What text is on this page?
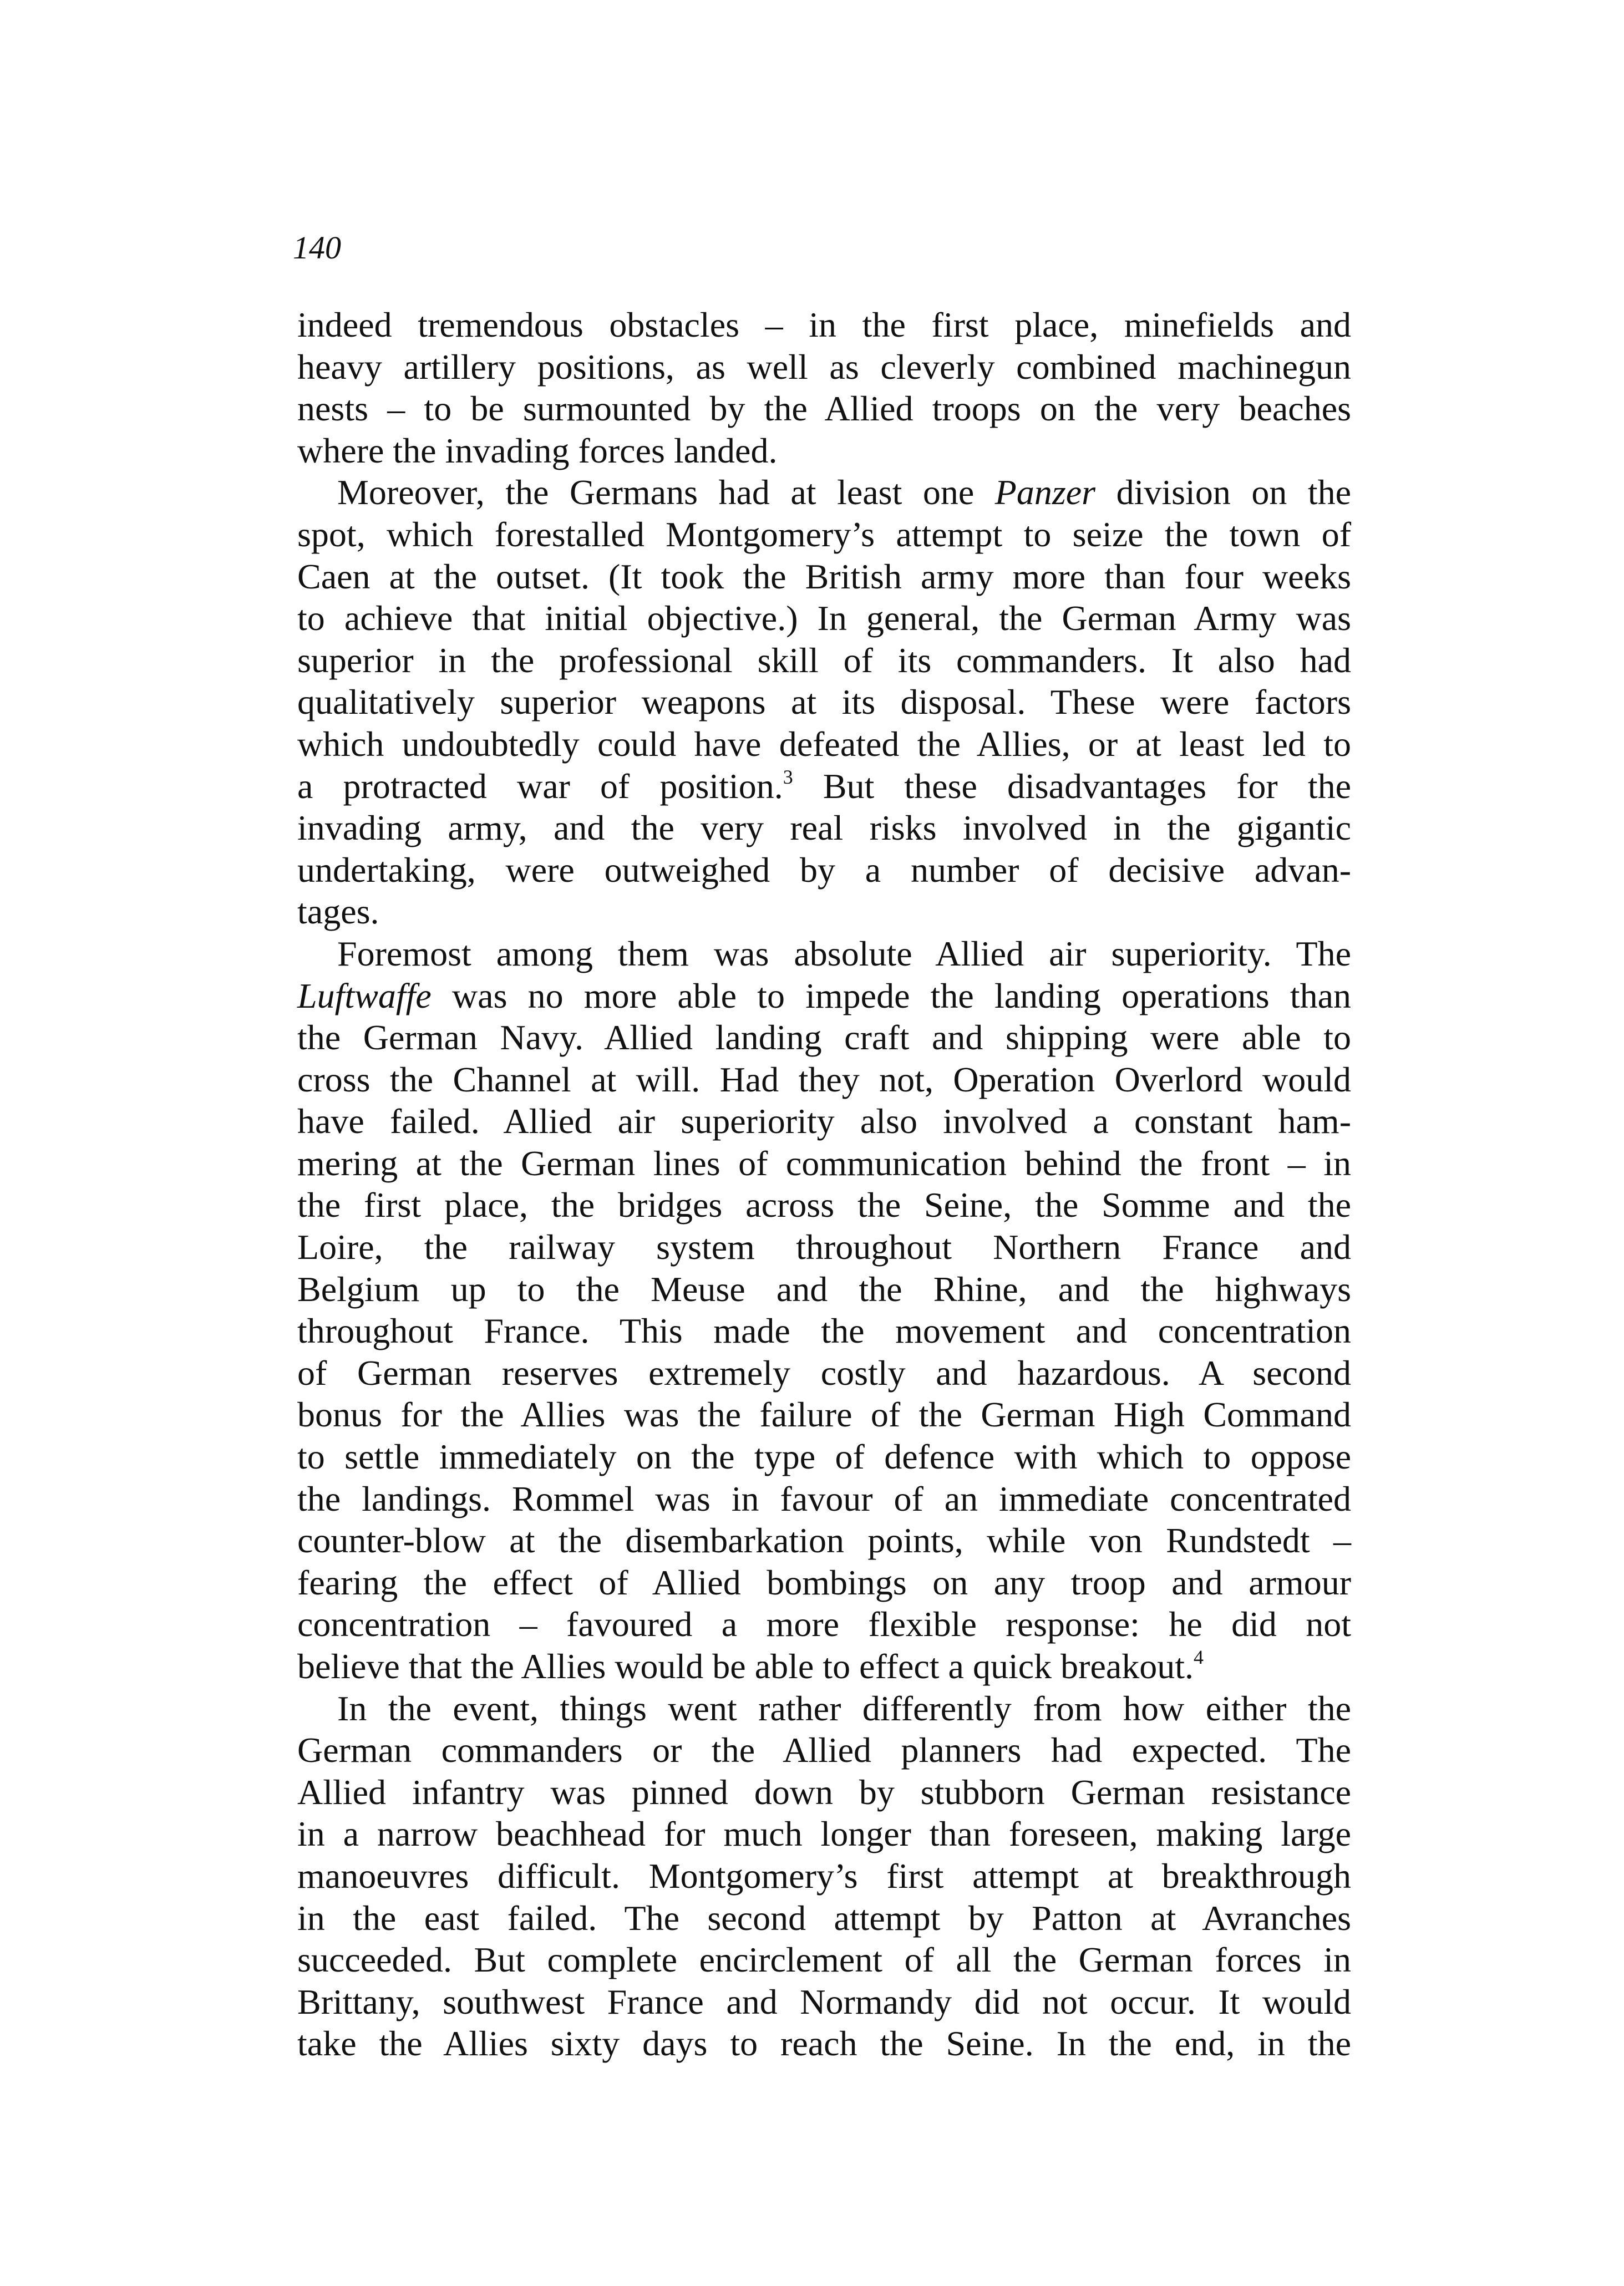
140
indeed tremendous obstacles – in the first place, minefields and
heavy artillery positions, as well as cleverly combined machinegun
nests – to be surmounted by the Allied troops on the very beaches
where the invading forces landed.
Moreover, the Germans had at least one Panzer division on the
spot, which forestalled Montgomery’s attempt to seize the town of
Caen at the outset. (It took the British army more than four weeks
to achieve that initial objective.) In general, the German Army was
superior in the professional skill of its commanders. It also had
qualitatively superior weapons at its disposal. These were factors
which undoubtedly could have defeated the Allies, or at least led to
a protracted war of position.$^3$ But these disadvantages for the
invading army, and the very real risks involved in the gigantic
undertaking, were outweighed by a number of decisive advan-
tages.
Foremost among them was absolute Allied air superiority. The
Luftwaffe was no more able to impede the landing operations than
the German Navy. Allied landing craft and shipping were able to
cross the Channel at will. Had they not, Operation Overlord would
have failed. Allied air superiority also involved a constant ham-
mering at the German lines of communication behind the front – in
the first place, the bridges across the Seine, the Somme and the
Loire, the railway system throughout Northern France and
Belgium up to the Meuse and the Rhine, and the highways
throughout France. This made the movement and concentration
of German reserves extremely costly and hazardous. A second
bonus for the Allies was the failure of the German High Command
to settle immediately on the type of defence with which to oppose
the landings. Rommel was in favour of an immediate concentrated
counter-blow at the disembarkation points, while von Rundstedt –
fearing the effect of Allied bombings on any troop and armour
concentration – favoured a more flexible response: he did not
believe that the Allies would be able to effect a quick breakout.$^4$
In the event, things went rather differently from how either the
German commanders or the Allied planners had expected. The
Allied infantry was pinned down by stubborn German resistance
in a narrow beachhead for much longer than foreseen, making large
manoeuvres difficult. Montgomery’s first attempt at breakthrough
in the east failed. The second attempt by Patton at Avranches
succeeded. But complete encirclement of all the German forces in
Brittany, southwest France and Normandy did not occur. It would
take the Allies sixty days to reach the Seine. In the end, in the
